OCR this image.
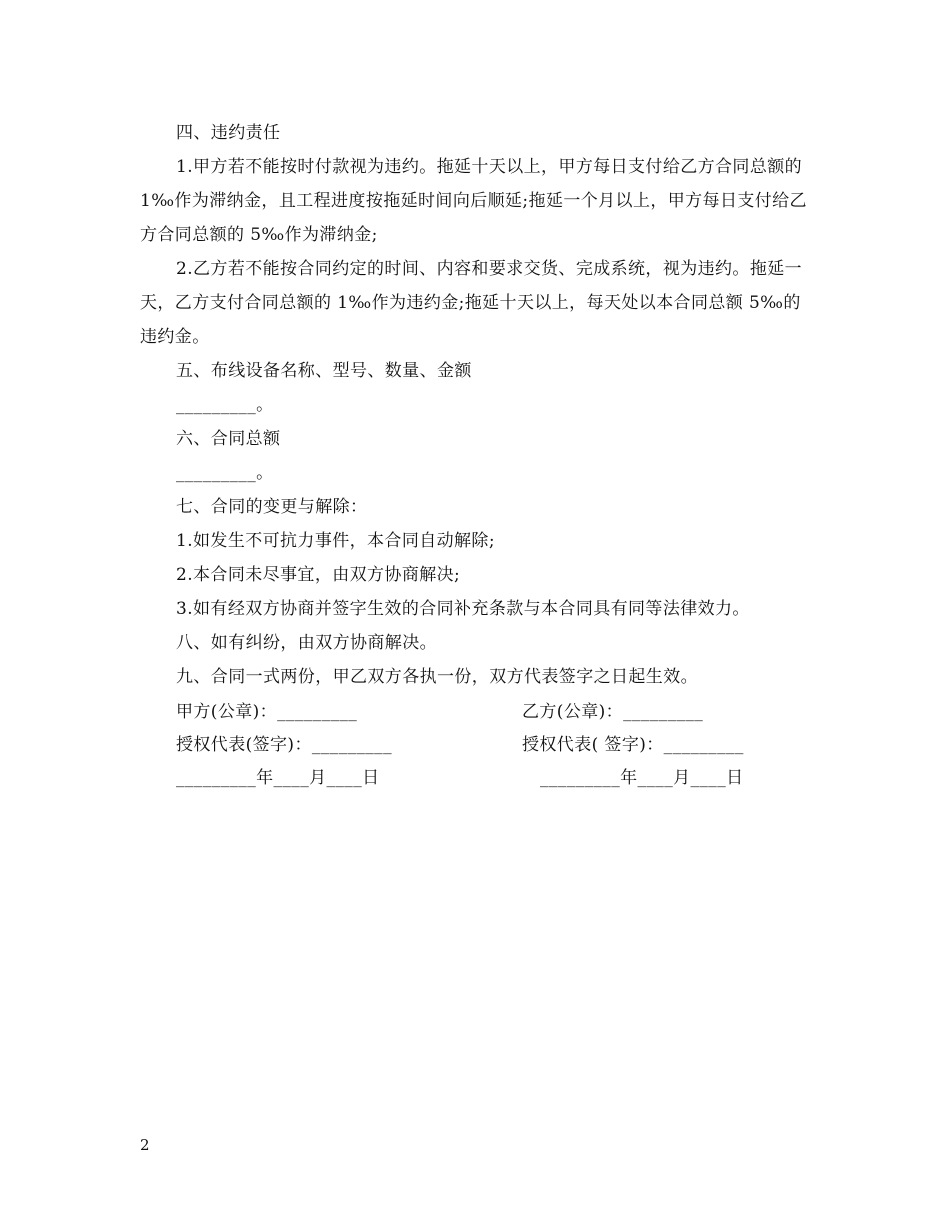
四、违约责任

1.甲方若不能按时付款视为违约。拖延十天以上，甲方每日支付给乙方合同总额的 1‰作为滞纳金，且工程进度按拖延时间向后顺延;拖延一个月以上，甲方每日支付给乙方合同总额的 5‰作为滞纳金;

2.乙方若不能按合同约定的时间、内容和要求交货、完成系统，视为违约。拖延一天，乙方支付合同总额的 1‰作为违约金;拖延十天以上，每天处以本合同总额 5‰的违约金。

五、布线设备名称、型号、数量、金额

_________。

六、合同总额

_________。

七、合同的变更与解除：

1.如发生不可抗力事件，本合同自动解除;

2.本合同未尽事宜，由双方协商解决;

3.如有经双方协商并签字生效的合同补充条款与本合同具有同等法律效力。

八、如有纠纷，由双方协商解决。

九、合同一式两份，甲乙双方各执一份，双方代表签字之日起生效。

甲方(公章)：_________	乙方(公章)：_________
授权代表(签字)：_________	授权代表( 签字)：_________
_________年____月____日	_________年____月____日
2
